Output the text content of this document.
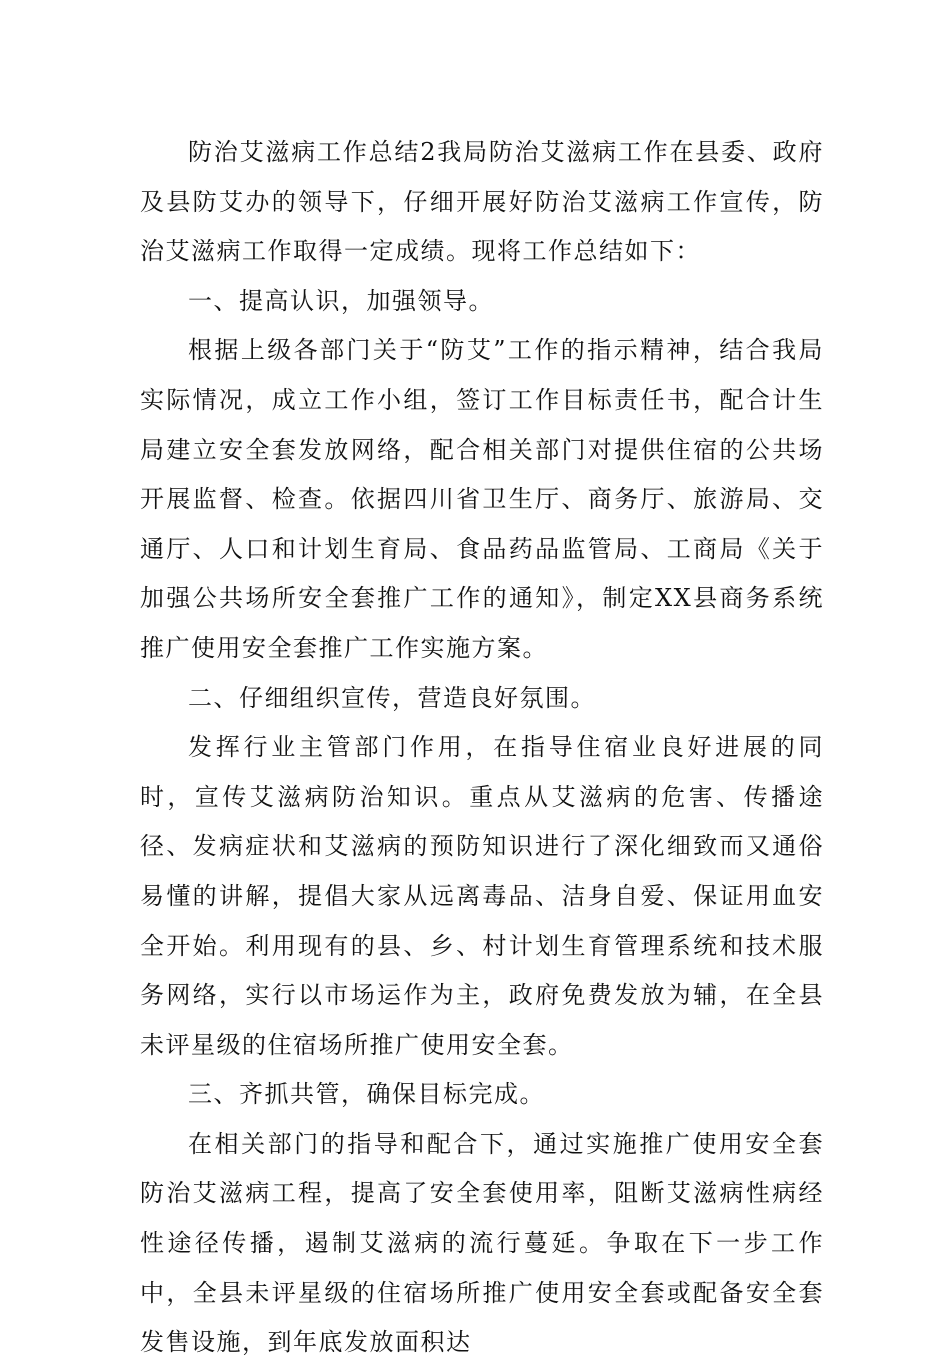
防治艾滋病工作总结2我局防治艾滋病工作在县委、政府及县防艾办的领导下，仔细开展好防治艾滋病工作宣传，防治艾滋病工作取得一定成绩。现将工作总结如下：

一、提高认识，加强领导。

根据上级各部门关于“防艾”工作的指示精神，结合我局实际情况，成立工作小组，签订工作目标责任书，配合计生局建立安全套发放网络，配合相关部门对提供住宿的公共场开展监督、检查。依据四川省卫生厅、商务厅、旅游局、交通厅、人口和计划生育局、食品药品监管局、工商局《关于加强公共场所安全套推广工作的通知》，制定XX县商务系统推广使用安全套推广工作实施方案。

二、仔细组织宣传，营造良好氛围。

发挥行业主管部门作用，在指导住宿业良好进展的同时，宣传艾滋病防治知识。重点从艾滋病的危害、传播途径、发病症状和艾滋病的预防知识进行了深化细致而又通俗易懂的讲解，提倡大家从远离毒品、洁身自爱、保证用血安全开始。利用现有的县、乡、村计划生育管理系统和技术服务网络，实行以市场运作为主，政府免费发放为辅，在全县未评星级的住宿场所推广使用安全套。

三、齐抓共管，确保目标完成。

在相关部门的指导和配合下，通过实施推广使用安全套防治艾滋病工程，提高了安全套使用率，阻断艾滋病性病经性途径传播，遏制艾滋病的流行蔓延。争取在下一步工作中，全县未评星级的住宿场所推广使用安全套或配备安全套发售设施，到年底发放面积达
